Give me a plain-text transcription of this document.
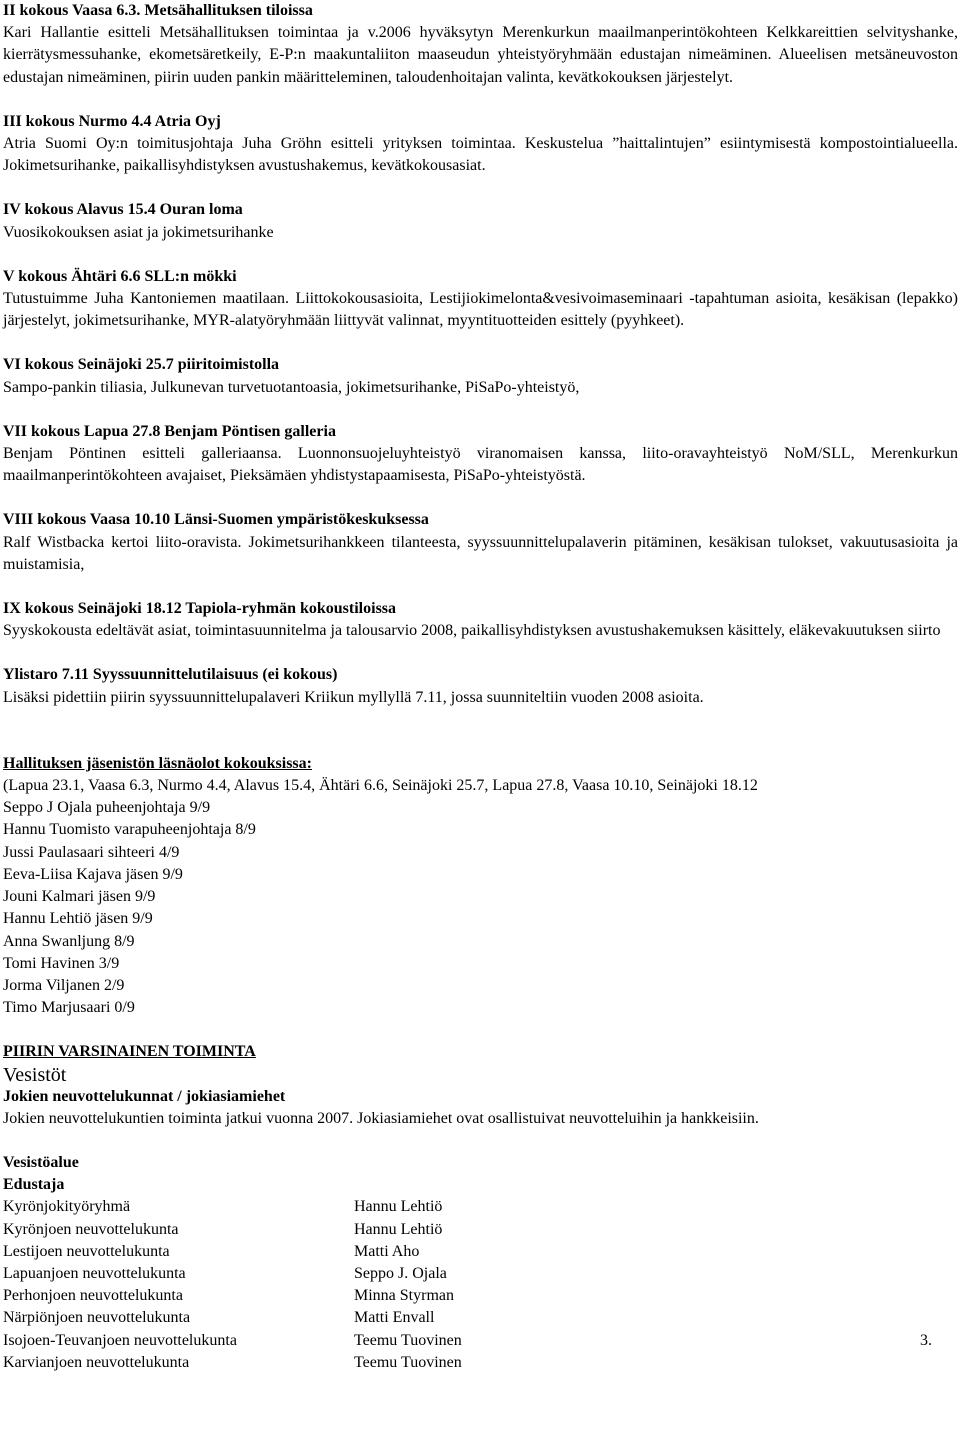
II kokous Vaasa 6.3. Metsähallituksen tiloissa

Kari Hallantie esitteli Metsähallituksen toimintaa ja v.2006 hyväksytyn Merenkurkun maailmanperintökohteen Kelkkareittien selvityshanke, kierrätysmessuhanke, ekometsäretkeily, E-P:n maakuntaliiton maaseudun yhteistyöryhmään edustajan nimeäminen. Alueelisen metsäneuvoston edustajan nimeäminen, piirin uuden pankin määritteleminen, taloudenhoitajan valinta, kevätkokouksen järjestelyt.

III kokous Nurmo 4.4 Atria Oyj

Atria Suomi Oy:n toimitusjohtaja Juha Gröhn esitteli yrityksen toimintaa. Keskustelua ”haittalintujen” esiintymisestä kompostointialueella. Jokimetsurihanke, paikallisyhdistyksen avustushakemus, kevätkokousasiat.

IV kokous Alavus 15.4 Ouran loma

Vuosikokouksen asiat ja jokimetsurihanke

V kokous Ähtäri 6.6 SLL:n mökki

Tutustuimme Juha Kantoniemen maatilaan. Liittokokousasioita, Lestijiokimelonta&vesivoimaseminaari -tapahtuman asioita, kesäkisan (lepakko) järjestelyt, jokimetsurihanke, MYR-alatyöryhmään liittyvät valinnat, myyntituotteiden esittely (pyyhkeet).

VI kokous Seinäjoki 25.7 piiritoimistolla

Sampo-pankin tiliasia, Julkunevan turvetuotantoasia, jokimetsurihanke, PiSaPo-yhteistyö,

VII kokous Lapua 27.8 Benjam Pöntisen galleria

Benjam Pöntinen esitteli galleriaansa. Luonnonsuojeluyhteistyö viranomaisen kanssa, liito-oravayhteistyö NoM/SLL, Merenkurkun maailmanperintökohteen avajaiset, Pieksämäen yhdistystapaamisesta, PiSaPo-yhteistyöstä.

VIII kokous Vaasa 10.10 Länsi-Suomen ympäristökeskuksessa

Ralf Wistbacka kertoi liito-oravista. Jokimetsurihankkeen tilanteesta, syyssuunnittelupalaverin pitäminen, kesäkisan tulokset, vakuutusasioita ja muistamisia,

IX kokous Seinäjoki 18.12 Tapiola-ryhmän kokoustiloissa

Syyskokousta edeltävät asiat, toimintasuunnitelma ja talousarvio 2008, paikallisyhdistyksen avustushakemuksen käsittely, eläkevakuutuksen siirto

Ylistaro 7.11 Syyssuunnittelutilaisuus (ei kokous)

Lisäksi pidettiin piirin syyssuunnittelupalaveri Kriikun myllyllä 7.11, jossa suunniteltiin vuoden 2008 asioita.

Hallituksen jäsenistön läsnäolot kokouksissa:

(Lapua 23.1, Vaasa 6.3, Nurmo 4.4, Alavus 15.4, Ähtäri 6.6, Seinäjoki 25.7, Lapua 27.8, Vaasa 10.10, Seinäjoki 18.12

Seppo J Ojala puheenjohtaja 9/9

Hannu Tuomisto varapuheenjohtaja 8/9

Jussi Paulasaari sihteeri 4/9

Eeva-Liisa Kajava jäsen 9/9

Jouni Kalmari jäsen 9/9

Hannu Lehtiö jäsen 9/9

Anna Swanljung 8/9

Tomi Havinen 3/9

Jorma Viljanen 2/9

Timo Marjusaari 0/9

PIIRIN VARSINAINEN TOIMINTA

Vesistöt

Jokien neuvottelukunnat / jokiasiamiehet

Jokien neuvottelukuntien toiminta jatkui vuonna 2007. Jokiasiamiehet ovat osallistuivat neuvotteluihin ja hankkeisiin.

Vesistöalue

Edustaja

Kyrönjokityöryhmä	Hannu Lehtiö	
Kyrönjoen neuvottelukunta	Hannu Lehtiö	
Lestijoen neuvottelukunta	Matti Aho	
Lapuanjoen neuvottelukunta	Seppo J. Ojala	
Perhonjoen neuvottelukunta	Minna Styrman	
Närpiönjoen neuvottelukunta	Matti Envall	
Isojoen-Teuvanjoen neuvottelukunta	Teemu Tuovinen	3.
Karvianjoen neuvottelukunta	Teemu Tuovinen	
